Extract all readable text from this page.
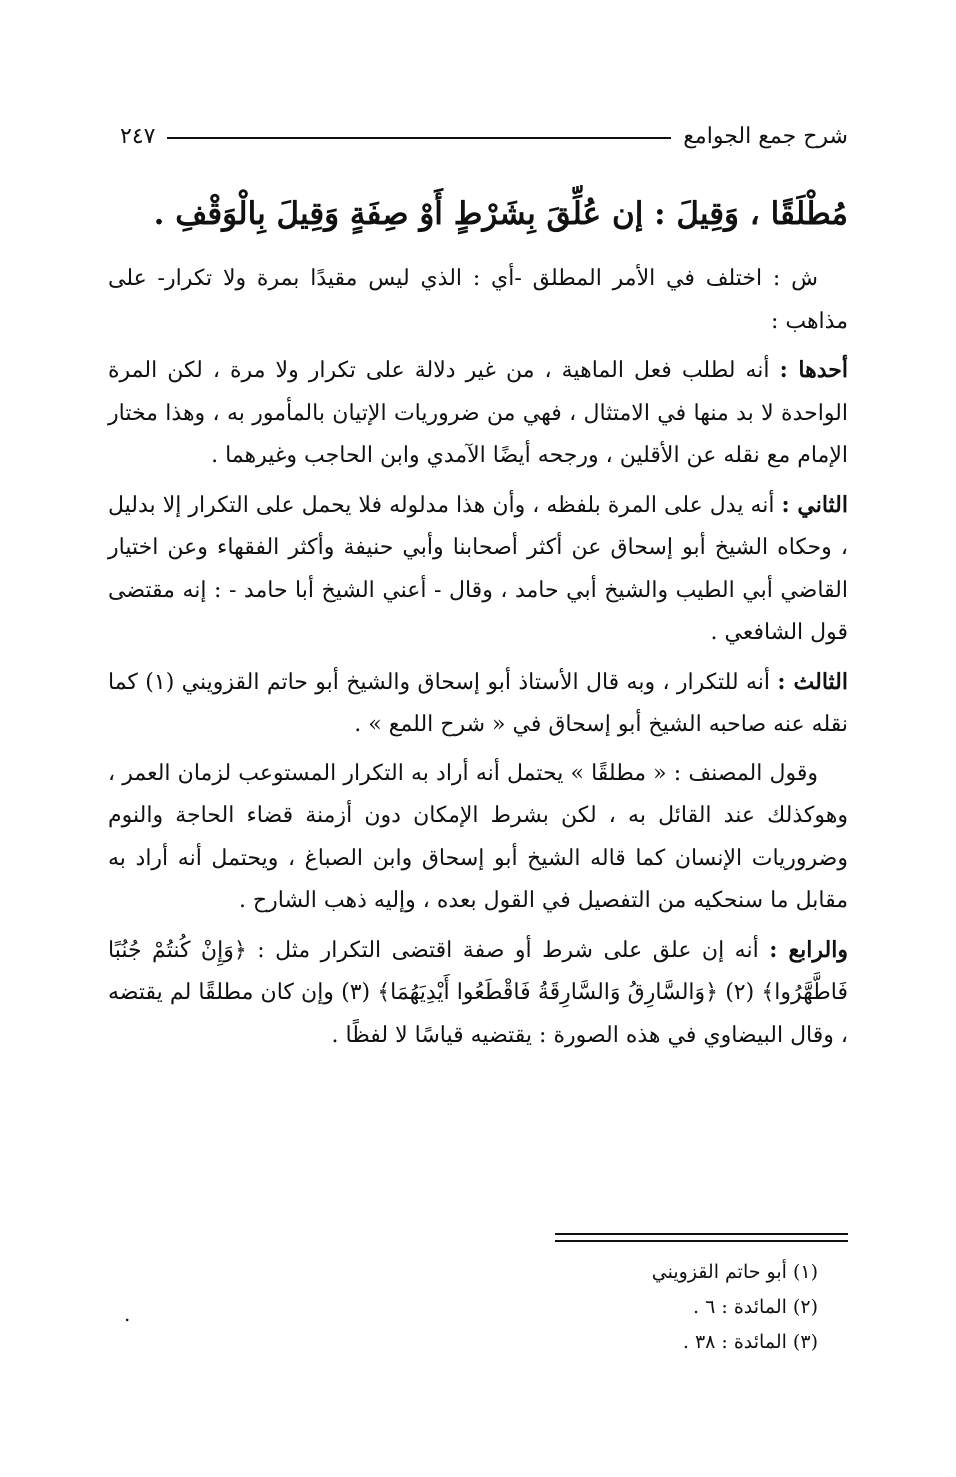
شرح جمع الجوامع
٢٤٧
مُطْلَقًا ، وَقِيلَ : إن عُلِّقَ بِشَرْطٍ أَوْ صِفَةٍ وَقِيلَ بِالْوَقْفِ .

ش : اختلف في الأمر المطلق -أي : الذي ليس مقيدًا بمرة ولا تكرار- على مذاهب :

أحدها : أنه لطلب فعل الماهية ، من غير دلالة على تكرار ولا مرة ، لكن المرة الواحدة لا بد منها في الامتثال ، فهي من ضروريات الإتيان بالمأمور به ، وهذا مختار الإمام مع نقله عن الأقلين ، ورجحه أيضًا الآمدي وابن الحاجب وغيرهما .

الثاني : أنه يدل على المرة بلفظه ، وأن هذا مدلوله فلا يحمل على التكرار إلا بدليل ، وحكاه الشيخ أبو إسحاق عن أكثر أصحابنا وأبي حنيفة وأكثر الفقهاء وعن اختيار القاضي أبي الطيب والشيخ أبي حامد ، وقال - أعني الشيخ أبا حامد - : إنه مقتضى قول الشافعي .

الثالث : أنه للتكرار ، وبه قال الأستاذ أبو إسحاق والشيخ أبو حاتم القزويني (١) كما نقله عنه صاحبه الشيخ أبو إسحاق في « شرح اللمع » .

وقول المصنف : « مطلقًا » يحتمل أنه أراد به التكرار المستوعب لزمان العمر ، وهوكذلك عند القائل به ، لكن بشرط الإمكان دون أزمنة قضاء الحاجة والنوم وضروريات الإنسان كما قاله الشيخ أبو إسحاق وابن الصباغ ، ويحتمل أنه أراد به مقابل ما سنحكيه من التفصيل في القول بعده ، وإليه ذهب الشارح .

والرابع : أنه إن علق على شرط أو صفة اقتضى التكرار مثل : ﴿وَإِنْ كُنتُمْ جُنُبًا فَاطَّهَّرُوا﴾ (٢) ﴿وَالسَّارِقُ وَالسَّارِقَةُ فَاقْطَعُوا أَيْدِيَهُمَا﴾ (٣) وإن كان مطلقًا لم يقتضه ، وقال البيضاوي في هذه الصورة : يقتضيه قياسًا لا لفظًا .

(١) أبو حاتم القزويني
(٢) المائدة : ٦ .
(٣) المائدة : ٣٨ .
.
